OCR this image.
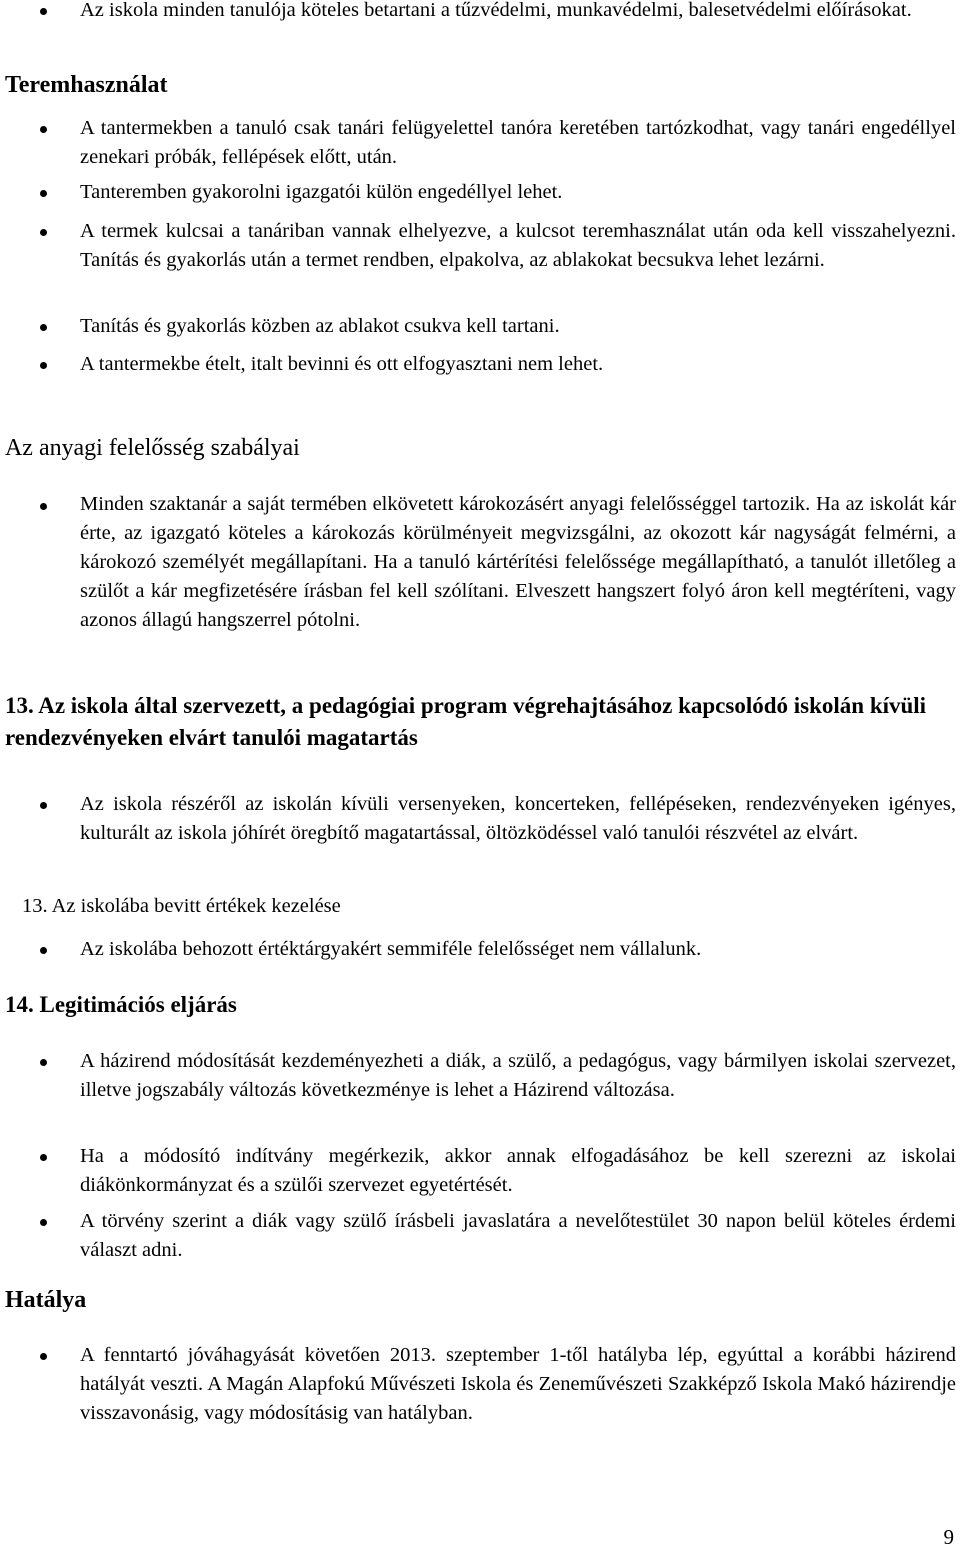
Az iskola minden tanulója köteles betartani a tűzvédelmi, munkavédelmi, balesetvédelmi előírásokat.

Teremhasználat

A tantermekben a tanuló csak tanári felügyelettel tanóra keretében tartózkodhat, vagy tanári engedéllyel zenekari próbák, fellépések előtt, után.

Tanteremben gyakorolni igazgatói külön engedéllyel lehet.

A termek kulcsai a tanáriban vannak elhelyezve, a kulcsot teremhasználat után oda kell visszahelyezni. Tanítás és gyakorlás után a termet rendben, elpakolva, az ablakokat becsukva lehet lezárni.

Tanítás és gyakorlás közben az ablakot csukva kell tartani.

A tantermekbe ételt, italt bevinni és ott elfogyasztani nem lehet.

Az anyagi felelősség szabályai

Minden szaktanár a saját termében elkövetett károkozásért anyagi felelősséggel tartozik. Ha az iskolát kár érte, az igazgató köteles a károkozás körülményeit megvizsgálni, az okozott kár nagyságát felmérni, a károkozó személyét megállapítani. Ha a tanuló kártérítési felelőssége megállapítható, a tanulót illetőleg a szülőt a kár megfizetésére írásban fel kell szólítani. Elveszett hangszert folyó áron kell megtéríteni, vagy azonos állagú hangszerrel pótolni.

13. Az iskola által szervezett, a pedagógiai program végrehajtásához kapcsolódó iskolán kívüli rendezvényeken elvárt tanulói magatartás

Az iskola részéről az iskolán kívüli versenyeken, koncerteken, fellépéseken, rendezvényeken igényes, kulturált az iskola jóhírét öregbítő magatartással, öltözködéssel való tanulói részvétel az elvárt.

13. Az iskolába bevitt értékek kezelése

Az iskolába behozott értéktárgyakért semmiféle felelősséget nem vállalunk.

14. Legitimációs eljárás

A házirend módosítását kezdeményezheti a diák, a szülő, a pedagógus, vagy bármilyen iskolai szervezet, illetve jogszabály változás következménye is lehet a Házirend változása.

Ha a módosító indítvány megérkezik, akkor annak elfogadásához be kell szerezni az iskolai diákönkormányzat és a szülői szervezet egyetértését.

A törvény szerint a diák vagy szülő írásbeli javaslatára a nevelőtestület 30 napon belül köteles érdemi választ adni.

Hatálya

A fenntartó jóváhagyását követően 2013. szeptember 1-től hatályba lép, egyúttal a korábbi házirend hatályát veszti. A Magán Alapfokú Művészeti Iskola és Zeneművészeti Szakképző Iskola Makó házirendje visszavonásig, vagy módosításig van hatályban.

9
